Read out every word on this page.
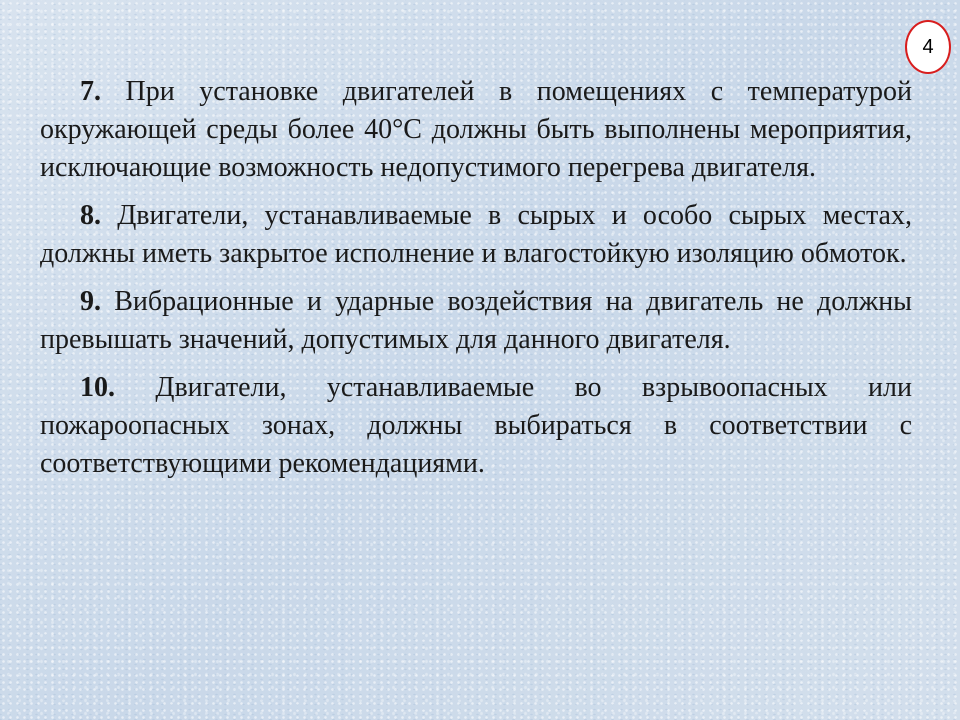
4

7. При установке двигателей в помещениях с температурой окружающей среды более 40°С должны быть выполнены мероприятия, исключающие возможность недопустимого перегрева двигателя.

8. Двигатели, устанавливаемые в сырых и особо сырых местах, должны иметь закрытое исполнение и влагостойкую изоляцию обмоток.

9. Вибрационные и ударные воздействия на двигатель не должны превышать значений, допустимых для данного двигателя.

10. Двигатели, устанавливаемые во взрывоопасных или пожароопасных зонах, должны выбираться в соответствии с соответствующими рекомендациями.
